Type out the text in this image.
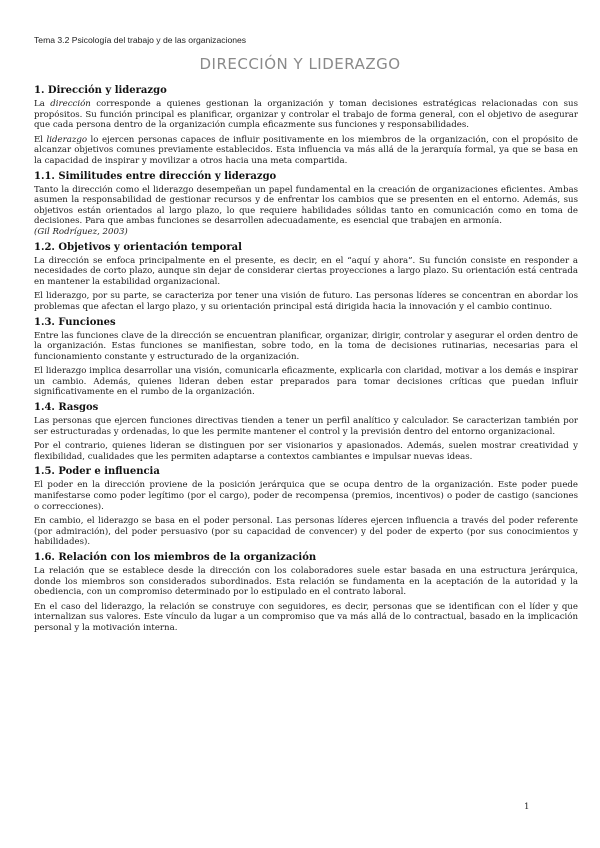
Tema 3.2 Psicología del trabajo y de las organizaciones
DIRECCIÓN Y LIDERAZGO
1. Dirección y liderazgo

La dirección corresponde a quienes gestionan la organización y toman decisiones estratégicas relacionadas con sus propósitos. Su función principal es planificar, organizar y controlar el trabajo de forma general, con el objetivo de asegurar que cada persona dentro de la organización cumpla eficazmente sus funciones y responsabilidades.

El liderazgo lo ejercen personas capaces de influir positivamente en los miembros de la organización, con el propósito de alcanzar objetivos comunes previamente establecidos. Esta influencia va más allá de la jerarquía formal, ya que se basa en la capacidad de inspirar y movilizar a otros hacia una meta compartida.

1.1. Similitudes entre dirección y liderazgo

Tanto la dirección como el liderazgo desempeñan un papel fundamental en la creación de organizaciones eficientes. Ambas asumen la responsabilidad de gestionar recursos y de enfrentar los cambios que se presenten en el entorno. Además, sus objetivos están orientados al largo plazo, lo que requiere habilidades sólidas tanto en comunicación como en toma de decisiones. Para que ambas funciones se desarrollen adecuadamente, es esencial que trabajen en armonía.

(Gil Rodríguez, 2003)

1.2. Objetivos y orientación temporal

La dirección se enfoca principalmente en el presente, es decir, en el “aquí y ahora”. Su función consiste en responder a necesidades de corto plazo, aunque sin dejar de considerar ciertas proyecciones a largo plazo. Su orientación está centrada en mantener la estabilidad organizacional.

El liderazgo, por su parte, se caracteriza por tener una visión de futuro. Las personas líderes se concentran en abordar los problemas que afectan el largo plazo, y su orientación principal está dirigida hacia la innovación y el cambio continuo.

1.3. Funciones

Entre las funciones clave de la dirección se encuentran planificar, organizar, dirigir, controlar y asegurar el orden dentro de la organización. Estas funciones se manifiestan, sobre todo, en la toma de decisiones rutinarias, necesarias para el funcionamiento constante y estructurado de la organización.

El liderazgo implica desarrollar una visión, comunicarla eficazmente, explicarla con claridad, motivar a los demás e inspirar un cambio. Además, quienes lideran deben estar preparados para tomar decisiones críticas que puedan influir significativamente en el rumbo de la organización.

1.4. Rasgos

Las personas que ejercen funciones directivas tienden a tener un perfil analítico y calculador. Se caracterizan también por ser estructuradas y ordenadas, lo que les permite mantener el control y la previsión dentro del entorno organizacional.

Por el contrario, quienes lideran se distinguen por ser visionarios y apasionados. Además, suelen mostrar creatividad y flexibilidad, cualidades que les permiten adaptarse a contextos cambiantes e impulsar nuevas ideas.

1.5. Poder e influencia

El poder en la dirección proviene de la posición jerárquica que se ocupa dentro de la organización. Este poder puede manifestarse como poder legítimo (por el cargo), poder de recompensa (premios, incentivos) o poder de castigo (sanciones o correcciones).

En cambio, el liderazgo se basa en el poder personal. Las personas líderes ejercen influencia a través del poder referente (por admiración), del poder persuasivo (por su capacidad de convencer) y del poder de experto (por sus conocimientos y habilidades).

1.6. Relación con los miembros de la organización

La relación que se establece desde la dirección con los colaboradores suele estar basada en una estructura jerárquica, donde los miembros son considerados subordinados. Esta relación se fundamenta en la aceptación de la autoridad y la obediencia, con un compromiso determinado por lo estipulado en el contrato laboral.

En el caso del liderazgo, la relación se construye con seguidores, es decir, personas que se identifican con el líder y que internalizan sus valores. Este vínculo da lugar a un compromiso que va más allá de lo contractual, basado en la implicación personal y la motivación interna.

1
